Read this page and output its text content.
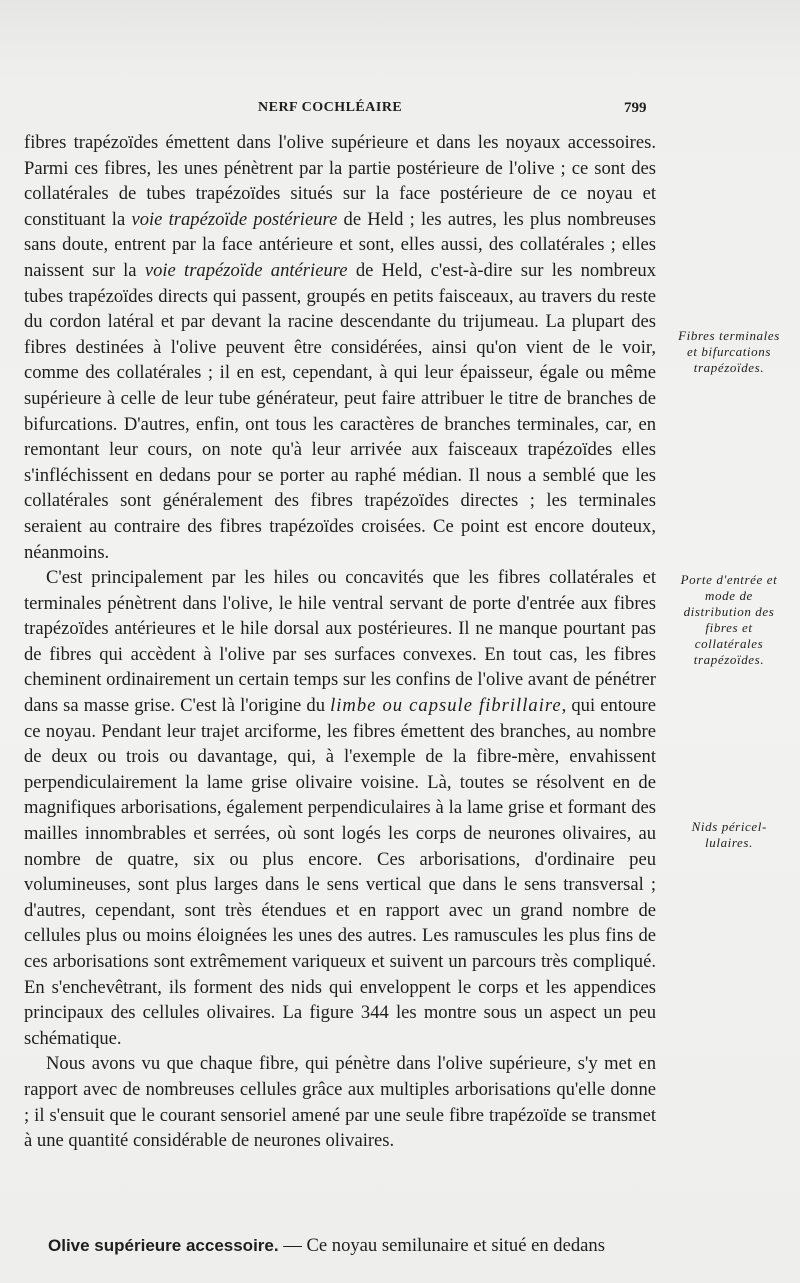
NERF COCHLÉAIRE	799

fibres trapézoïdes émettent dans l'olive supérieure et dans les noyaux accessoires. Parmi ces fibres, les unes pénètrent par la partie postérieure de l'olive ; ce sont des collatérales de tubes trapézoïdes situés sur la face postérieure de ce noyau et constituant la voie trapézoïde postérieure de Held ; les autres, les plus nombreuses sans doute, entrent par la face antérieure et sont, elles aussi, des collatérales ; elles naissent sur la voie trapézoïde antérieure de Held, c'est-à-dire sur les nombreux tubes trapézoïdes directs qui passent, groupés en petits faisceaux, au travers du reste du cordon latéral et par devant la racine descendante du trijumeau. La plupart des fibres destinées à l'olive peuvent être considérées, ainsi qu'on vient de le voir, comme des collatérales ; il en est, cependant, à qui leur épaisseur, égale ou même supérieure à celle de leur tube générateur, peut faire attribuer le titre de branches de bifurcations. D'autres, enfin, ont tous les caractères de branches terminales, car, en remontant leur cours, on note qu'à leur arrivée aux faisceaux trapézoïdes elles s'infléchissent en dedans pour se porter au raphé médian. Il nous a semblé que les collatérales sont généralement des fibres trapézoïdes directes ; les terminales seraient au contraire des fibres trapézoïdes croisées. Ce point est encore douteux, néanmoins.

C'est principalement par les hiles ou concavités que les fibres collatérales et terminales pénètrent dans l'olive, le hile ventral servant de porte d'entrée aux fibres trapézoïdes antérieures et le hile dorsal aux postérieures. Il ne manque pourtant pas de fibres qui accèdent à l'olive par ses surfaces convexes. En tout cas, les fibres cheminent ordinairement un certain temps sur les confins de l'olive avant de pénétrer dans sa masse grise. C'est là l'origine du limbe ou capsule fibrillaire, qui entoure ce noyau. Pendant leur trajet arciforme, les fibres émettent des branches, au nombre de deux ou trois ou davantage, qui, à l'exemple de la fibre-mère, envahissent perpendiculairement la lame grise olivaire voisine. Là, toutes se résolvent en de magnifiques arborisations, également perpendiculaires à la lame grise et formant des mailles innombrables et serrées, où sont logés les corps de neurones olivaires, au nombre de quatre, six ou plus encore. Ces arborisations, d'ordinaire peu volumineuses, sont plus larges dans le sens vertical que dans le sens transversal ; d'autres, cependant, sont très étendues et en rapport avec un grand nombre de cellules plus ou moins éloignées les unes des autres. Les ramuscules les plus fins de ces arborisations sont extrêmement variqueux et suivent un parcours très compliqué. En s'enchevêtrant, ils forment des nids qui enveloppent le corps et les appendices principaux des cellules olivaires. La figure 344 les montre sous un aspect un peu schématique.

Nous avons vu que chaque fibre, qui pénètre dans l'olive supérieure, s'y met en rapport avec de nombreuses cellules grâce aux multiples arborisations qu'elle donne ; il s'ensuit que le courant sensoriel amené par une seule fibre trapézoïde se transmet à une quantité considérable de neurones olivaires.

Olive supérieure accessoire. — Ce noyau semilunaire et situé en dedans
Fibres terminales et bifurcations trapézoïdes.
Porte d'entrée et mode de distribution des fibres et collatérales trapézoïdes.
Nids péricellulaires.
